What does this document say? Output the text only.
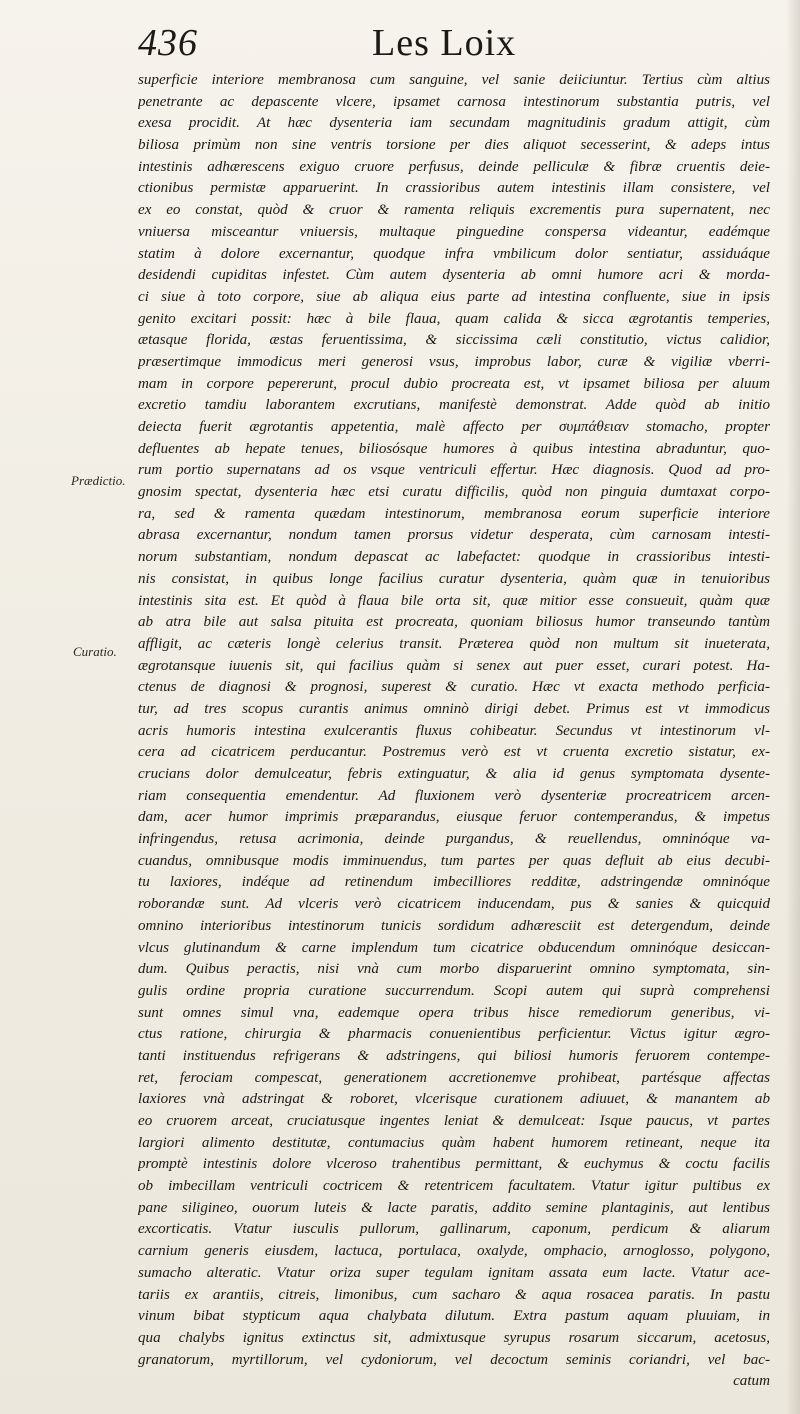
436	Les Loix
Prædictio.
Curatio.
superficie interiore membranosa cum sanguine, vel sanie deiiciuntur. Tertius cùm altius
penetrante ac depascente vlcere, ipsamet carnosa intestinorum substantia putris, vel
exesa procidit. At hæc dysenteria iam secundam magnitudinis gradum attigit, cùm
biliosa primùm non sine ventris torsione per dies aliquot secesserint, & adeps intus
intestinis adhærescens exiguo cruore perfusus, deinde pelliculæ & fibræ cruentis deie-
ctionibus permistæ apparuerint. In crassioribus autem intestinis illam consistere, vel
ex eo constat, quòd & cruor & ramenta reliquis excrementis pura supernatent, nec
vniuersa misceantur vniuersis, multaque pinguedine conspersa videantur, eadémque
statim à dolore excernantur, quodque infra vmbilicum dolor sentiatur, assiduáque
desidendi cupiditas infestet. Cùm autem dysenteria ab omni humore acri & morda-
ci siue à toto corpore, siue ab aliqua eius parte ad intestina confluente, siue in ipsis
genito excitari possit: hæc à bile flaua, quam calida & sicca ægrotantis temperies,
ætasque florida, æstas feruentissima, & siccissima cæli constitutio, victus calidior,
præsertimque immodicus meri generosi vsus, improbus labor, curæ & vigiliæ vberri-
mam in corpore pepererunt, procul dubio procreata est, vt ipsamet biliosa per aluum
excretio tamdiu laborantem excrutians, manifestè demonstrat. Adde quòd ab initio
deiecta fuerit ægrotantis appetentia, malè affecto per συμπάθειαν stomacho, propter
defluentes ab hepate tenues, biliosósque humores à quibus intestina abraduntur, quo-
rum portio supernatans ad os vsque ventriculi effertur. Hæc diagnosis. Quod ad pro-
gnosim spectat, dysenteria hæc etsi curatu difficilis, quòd non pinguia dumtaxat corpo-
ra, sed & ramenta quædam intestinorum, membranosa eorum superficie interiore
abrasa excernantur, nondum tamen prorsus videtur desperata, cùm carnosam intesti-
norum substantiam, nondum depascat ac labefactet: quodque in crassioribus intesti-
nis consistat, in quibus longe facilius curatur dysenteria, quàm quæ in tenuioribus
intestinis sita est. Et quòd à flaua bile orta sit, quæ mitior esse consueuit, quàm quæ
ab atra bile aut salsa pituita est procreata, quoniam biliosus humor transeundo tantùm
affligit, ac cæteris longè celerius transit. Præterea quòd non multum sit inueterata,
ægrotansque iuuenis sit, qui facilius quàm si senex aut puer esset, curari potest. Ha-
ctenus de diagnosi & prognosi, superest & curatio. Hæc vt exacta methodo perficia-
tur, ad tres scopus curantis animus omninò dirigi debet. Primus est vt immodicus
acris humoris intestina exulcerantis fluxus cohibeatur. Secundus vt intestinorum vl-
cera ad cicatricem perducantur. Postremus verò est vt cruenta excretio sistatur, ex-
crucians dolor demulceatur, febris extinguatur, & alia id genus symptomata dysente-
riam consequentia emendentur. Ad fluxionem verò dysenteriæ procreatricem arcen-
dam, acer humor imprimis præparandus, eiusque feruor contemperandus, & impetus
infringendus, retusa acrimonia, deinde purgandus, & reuellendus, omninóque va-
cuandus, omnibusque modis imminuendus, tum partes per quas defluit ab eius decubi-
tu laxiores, indéque ad retinendum imbecilliores redditæ, adstringendæ omninóque
roborandæ sunt. Ad vlceris verò cicatricem inducendam, pus & sanies & quicquid
omnino interioribus intestinorum tunicis sordidum adhæresciit est detergendum, deinde
vlcus glutinandum & carne implendum tum cicatrice obducendum omninóque desiccan-
dum. Quibus peractis, nisi vnà cum morbo disparuerint omnino symptomata, sin-
gulis ordine propria curatione succurrendum. Scopi autem qui suprà comprehensi
sunt omnes simul vna, eademque opera tribus hisce remediorum generibus, vi-
ctus ratione, chirurgia & pharmacis conuenientibus perficientur. Victus igitur ægro-
tanti instituendus refrigerans & adstringens, qui biliosi humoris feruorem contempe-
ret, ferociam compescat, generationem accretionemve prohibeat, partésque affectas
laxiores vnà adstringat & roboret, vlcerisque curationem adiuuet, & manantem ab
eo cruorem arceat, cruciatusque ingentes leniat & demulceat: Isque paucus, vt partes
largiori alimento destitutæ, contumacius quàm habent humorem retineant, neque ita
promptè intestinis dolore vlceroso trahentibus permittant, & euchymus & coctu facilis
ob imbecillam ventriculi coctricem & retentricem facultatem. Vtatur igitur pultibus ex
pane siligineo, ouorum luteis & lacte paratis, addito semine plantaginis, aut lentibus
excorticatis. Vtatur iusculis pullorum, gallinarum, caponum, perdicum & aliarum
carnium generis eiusdem, lactuca, portulaca, oxalyde, omphacio, arnoglosso, polygono,
sumacho alteratic. Vtatur oriza super tegulam ignitam assata eum lacte. Vtatur ace-
tariis ex arantiis, citreis, limonibus, cum sacharo & aqua rosacea paratis. In pastu
vinum bibat stypticum aqua chalybata dilutum. Extra pastum aquam pluuiam, in
qua chalybs ignitus extinctus sit, admixtusque syrupus rosarum siccarum, acetosus,
granatorum, myrtillorum, vel cydoniorum, vel decoctum seminis coriandri, vel bac-
catum
